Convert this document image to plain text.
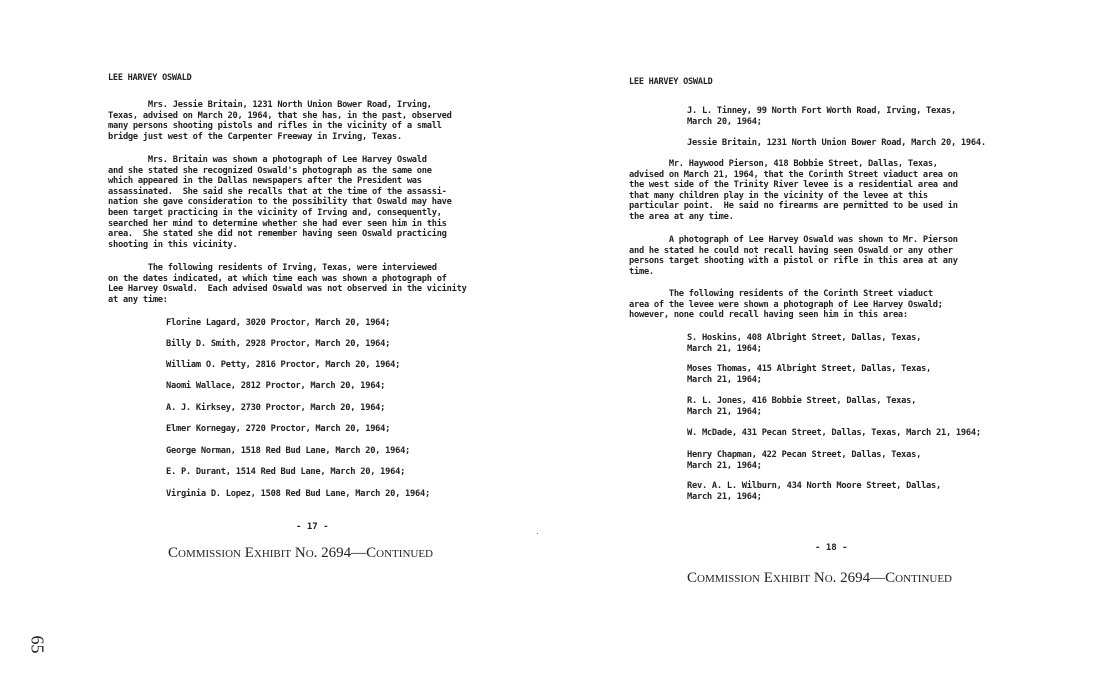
LEE HARVEY OSWALD

Mrs. Jessie Britain, 1231 North Union Bower Road, Irving,
Texas, advised on March 20, 1964, that she has, in the past, observed
many persons shooting pistols and rifles in the vicinity of a small
bridge just west of the Carpenter Freeway in Irving, Texas.

Mrs. Britain was shown a photograph of Lee Harvey Oswald
and she stated she recognized Oswald's photograph as the same one
which appeared in the Dallas newspapers after the President was
assassinated.  She said she recalls that at the time of the assassi-
nation she gave consideration to the possibility that Oswald may have
been target practicing in the vicinity of Irving and, consequently,
searched her mind to determine whether she had ever seen him in this
area.  She stated she did not remember having seen Oswald practicing
shooting in this vicinity.

The following residents of Irving, Texas, were interviewed
on the dates indicated, at which time each was shown a photograph of
Lee Harvey Oswald.  Each advised Oswald was not observed in the vicinity
at any time:

Florine Lagard, 3020 Proctor, March 20, 1964;

Billy D. Smith, 2928 Proctor, March 20, 1964;

William O. Petty, 2816 Proctor, March 20, 1964;

Naomi Wallace, 2812 Proctor, March 20, 1964;

A. J. Kirksey, 2730 Proctor, March 20, 1964;

Elmer Kornegay, 2720 Proctor, March 20, 1964;

George Norman, 1518 Red Bud Lane, March 20, 1964;

E. P. Durant, 1514 Red Bud Lane, March 20, 1964;

Virginia D. Lopez, 1508 Red Bud Lane, March 20, 1964;

- 17 -
Commission Exhibit No. 2694—Continued
LEE HARVEY OSWALD

J. L. Tinney, 99 North Fort Worth Road, Irving, Texas,
March 20, 1964;

Jessie Britain, 1231 North Union Bower Road, March 20, 1964.

Mr. Haywood Pierson, 418 Bobbie Street, Dallas, Texas,
advised on March 21, 1964, that the Corinth Street viaduct area on
the west side of the Trinity River levee is a residential area and
that many children play in the vicinity of the levee at this
particular point.  He said no firearms are permitted to be used in
the area at any time.

A photograph of Lee Harvey Oswald was shown to Mr. Pierson
and he stated he could not recall having seen Oswald or any other
persons target shooting with a pistol or rifle in this area at any
time.

The following residents of the Corinth Street viaduct
area of the levee were shown a photograph of Lee Harvey Oswald;
however, none could recall having seen him in this area:

S. Hoskins, 408 Albright Street, Dallas, Texas,
March 21, 1964;

Moses Thomas, 415 Albright Street, Dallas, Texas,
March 21, 1964;

R. L. Jones, 416 Bobbie Street, Dallas, Texas,
March 21, 1964;

W. McDade, 431 Pecan Street, Dallas, Texas, March 21, 1964;

Henry Chapman, 422 Pecan Street, Dallas, Texas,
March 21, 1964;

Rev. A. L. Wilburn, 434 North Moore Street, Dallas,
March 21, 1964;

- 18 -
Commission Exhibit No. 2694—Continued
65
